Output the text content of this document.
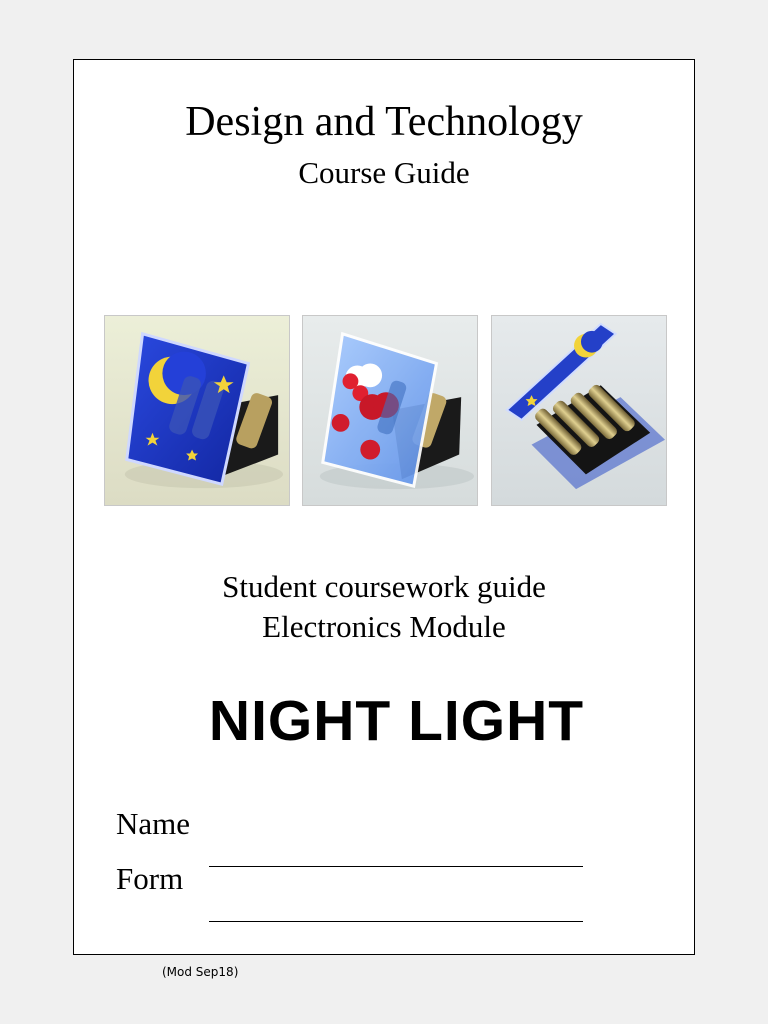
Design and Technology
Course Guide
Student coursework guide
Electronics Module
NIGHT LIGHT
Name
Form
(Mod Sep18)
